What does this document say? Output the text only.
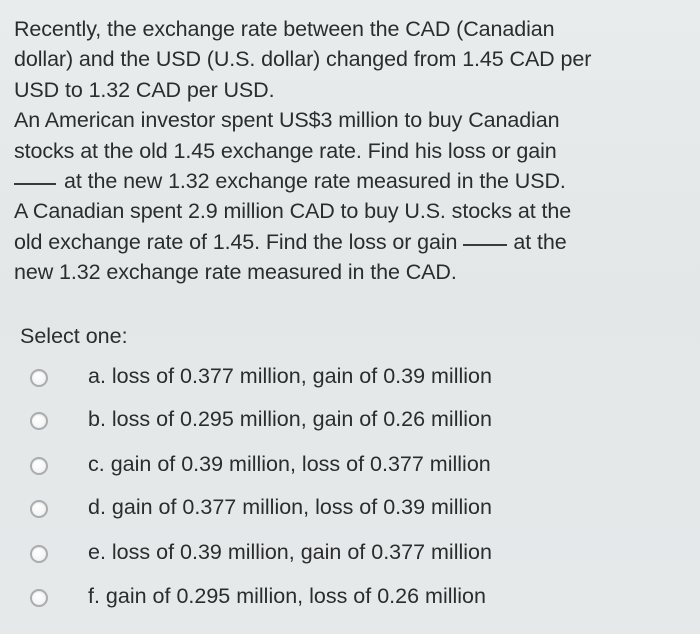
Recently, the exchange rate between the CAD (Canadian
dollar) and the USD (U.S. dollar) changed from 1.45 CAD per
USD to 1.32 CAD per USD.
An American investor spent US$3 million to buy Canadian
stocks at the old 1.45 exchange rate. Find his loss or gain
at the new 1.32 exchange rate measured in the USD.
A Canadian spent 2.9 million CAD to buy U.S. stocks at the
old exchange rate of 1.45. Find the loss or gain	at the
new 1.32 exchange rate measured in the CAD.
Select one:
a. loss of 0.377 million, gain of 0.39 million
b. loss of 0.295 million, gain of 0.26 million
c. gain of 0.39 million, loss of 0.377 million
d. gain of 0.377 million, loss of 0.39 million
e. loss of 0.39 million, gain of 0.377 million
f. gain of 0.295 million, loss of 0.26 million
